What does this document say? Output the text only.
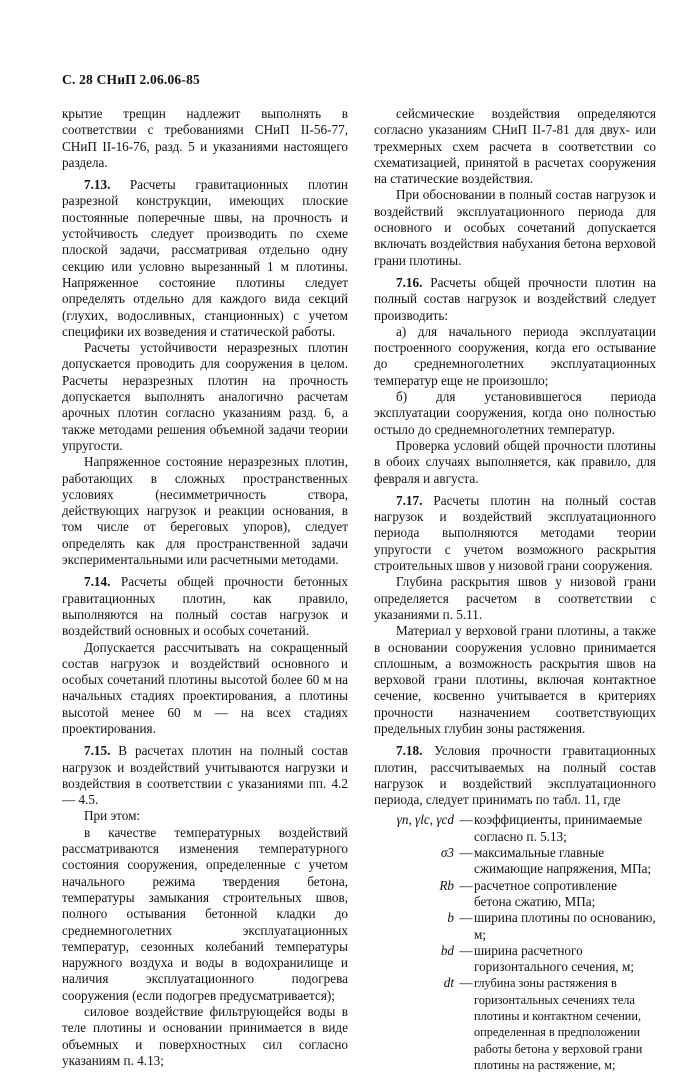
С. 28 СНиП 2.06.06-85

крытие трещин надлежит выполнять в соответствии с требованиями СНиП II-56-77, СНиП II-16-76, разд. 5 и указаниями настоящего раздела.

7.13. Расчеты гравитационных плотин разрезной конструкции, имеющих плоские постоянные поперечные швы, на прочность и устойчивость следует производить по схеме плоской задачи, рассматривая отдельно одну секцию или условно вырезанный 1 м плотины. Напряженное состояние плотины следует определять отдельно для каждого вида секций (глухих, водосливных, станционных) с учетом специфики их возведения и статической работы.

Расчеты устойчивости неразрезных плотин допускается проводить для сооружения в целом. Расчеты неразрезных плотин на прочность допускается выполнять аналогично расчетам арочных плотин согласно указаниям разд. 6, а также методами решения объемной задачи теории упругости.

Напряженное состояние неразрезных плотин, работающих в сложных пространственных условиях (несимметричность створа, действующих нагрузок и реакции основания, в том числе от береговых упоров), следует определять как для пространственной задачи экспериментальными или расчетными методами.

7.14. Расчеты общей прочности бетонных гравитационных плотин, как правило, выполняются на полный состав нагрузок и воздействий основных и особых сочетаний.

Допускается рассчитывать на сокращенный состав нагрузок и воздействий основного и особых сочетаний плотины высотой более 60 м на начальных стадиях проектирования, а плотины высотой менее 60 м — на всех стадиях проектирования.

7.15. В расчетах плотин на полный состав нагрузок и воздействий учитываются нагрузки и воздействия в соответствии с указаниями пп. 4.2 — 4.5.

При этом:

в качестве температурных воздействий рассматриваются изменения температурного состояния сооружения, определенные с учетом начального режима твердения бетона, температуры замыкания строительных швов, полного остывания бетонной кладки до среднемноголетних эксплуатационных температур, сезонных колебаний температуры наружного воздуха и воды в водохранилище и наличия эксплуатационного подогрева сооружения (если подогрев предусматривается);

силовое воздействие фильтрующейся воды в теле плотины и основании принимается в виде объемных и поверхностных сил согласно указаниям п. 4.13;

сейсмические воздействия определяются согласно указаниям СНиП II-7-81 для двух- или трехмерных схем расчета в соответствии со схематизацией, принятой в расчетах сооружения на статические воздействия.

При обосновании в полный состав нагрузок и воздействий эксплуатационного периода для основного и особых сочетаний допускается включать воздействия набухания бетона верховой грани плотины.

7.16. Расчеты общей прочности плотин на полный состав нагрузок и воздействий следует производить:

а) для начального периода эксплуатации построенного сооружения, когда его остывание до среднемноголетних эксплуатационных температур еще не произошло;

б) для установившегося периода эксплуатации сооружения, когда оно полностью остыло до среднемноголетних температур.

Проверка условий общей прочности плотины в обоих случаях выполняется, как правило, для февраля и августа.

7.17. Расчеты плотин на полный состав нагрузок и воздействий эксплуатационного периода выполняются методами теории упругости с учетом возможного раскрытия строительных швов у низовой грани сооружения.

Глубина раскрытия швов у низовой грани определяется расчетом в соответствии с указаниями п. 5.11.

Материал у верховой грани плотины, а также в основании сооружения условно принимается сплошным, а возможность раскрытия швов на верховой грани плотины, включая контактное сечение, косвенно учитывается в критериях прочности назначением соответствующих предельных глубин зоны растяжения.

7.18. Условия прочности гравитационных плотин, рассчитываемых на полный состав нагрузок и воздействий эксплуатационного периода, следует принимать по табл. 11, где

γn, γlc, γcd — коэффициенты, принимаемые согласно п. 5.13;
σ3 — максимальные главные сжимающие напряжения, МПа;
Rb — расчетное сопротивление бетона сжатию, МПа;
b — ширина плотины по основанию, м;
bd — ширина расчетного горизонтального сечения, м;
dt — глубина зоны растяжения в горизонтальных сечениях тела плотины и контактном сечении, определенная в предположении работы бетона у верховой грани плотины на растяжение, м;
